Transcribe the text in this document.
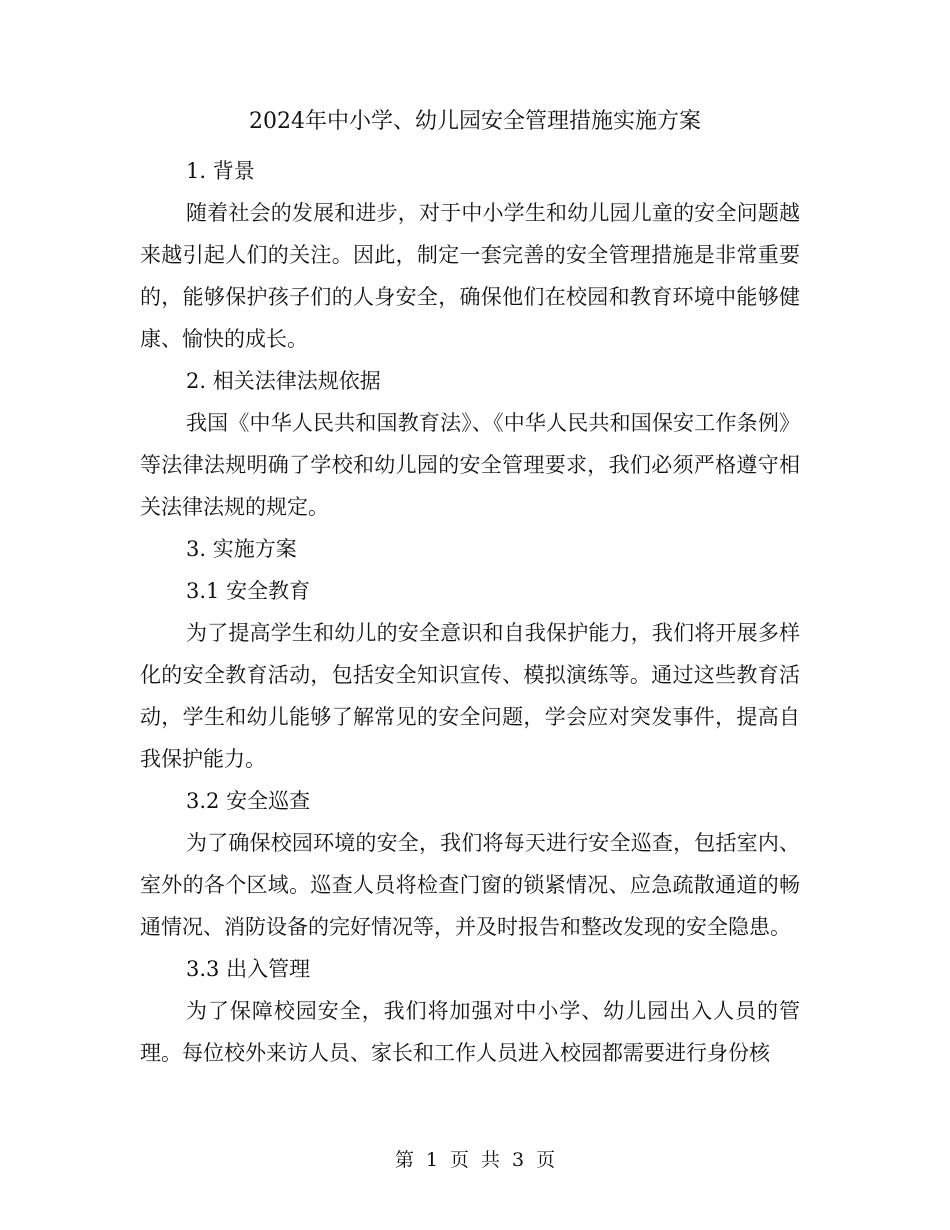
2024年中小学、幼儿园安全管理措施实施方案

1. 背景

随着社会的发展和进步，对于中小学生和幼儿园儿童的安全问题越来越引起人们的关注。因此，制定一套完善的安全管理措施是非常重要的，能够保护孩子们的人身安全，确保他们在校园和教育环境中能够健康、愉快的成长。

2. 相关法律法规依据

我国《中华人民共和国教育法》、《中华人民共和国保安工作条例》等法律法规明确了学校和幼儿园的安全管理要求，我们必须严格遵守相关法律法规的规定。

3. 实施方案

3.1 安全教育

为了提高学生和幼儿的安全意识和自我保护能力，我们将开展多样化的安全教育活动，包括安全知识宣传、模拟演练等。通过这些教育活动，学生和幼儿能够了解常见的安全问题，学会应对突发事件，提高自我保护能力。

3.2 安全巡查

为了确保校园环境的安全，我们将每天进行安全巡查，包括室内、室外的各个区域。巡查人员将检查门窗的锁紧情况、应急疏散通道的畅通情况、消防设备的完好情况等，并及时报告和整改发现的安全隐患。

3.3 出入管理

为了保障校园安全，我们将加强对中小学、幼儿园出入人员的管理。每位校外来访人员、家长和工作人员进入校园都需要进行身份核

第 1 页 共 3 页
